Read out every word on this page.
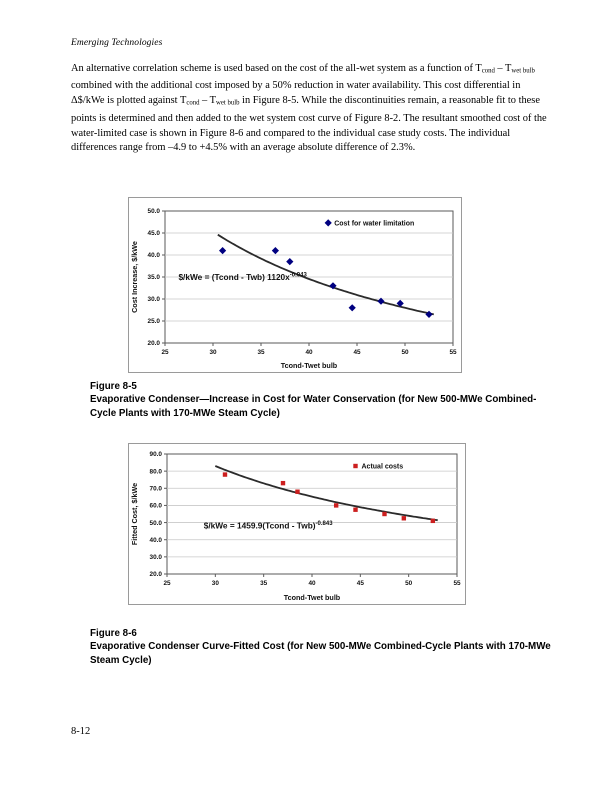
Emerging Technologies

An alternative correlation scheme is used based on the cost of the all-wet system as a function of $T_{cond} - T_{wet bulb}$ combined with the additional cost imposed by a 50% reduction in water availability. This cost differential in Δ$/kWe is plotted against $T_{cond} - T_{wet bulb}$ in Figure 8-5. While the discontinuities remain, a reasonable fit to these points is determined and then added to the wet system cost curve of Figure 8-2. The resultant smoothed cost of the water-limited case is shown in Figure 8-6 and compared to the individual case study costs. The individual differences range from –4.9 to +4.5% with an average absolute difference of 2.3%.

20.0
25.0
30.0
35.0
40.0
45.0
50.0
25	30	35	40	45	50	55
Cost for water limitation
$/kWe = (Tcond - Twb) $1120x^{-0.943}$
Tcond-Twet bulb
Cost Increase, $/kWe
Figure 8-5
Evaporative Condenser—Increase in Cost for Water Conservation (for New 500-MWe Combined-Cycle Plants with 170-MWe Steam Cycle)
20.0
30.0
40.0
50.0
60.0
70.0
80.0
90.0
25	30	35	40	45	50	55
Actual costs
$/kWe = 1459.9(Tcond - Twb)$^{-0.843}$
Tcond-Twet bulb
Fitted Cost, $/kWe
Figure 8-6
Evaporative Condenser Curve-Fitted Cost (for New 500-MWe Combined-Cycle Plants with 170-MWe Steam Cycle)
8-12
